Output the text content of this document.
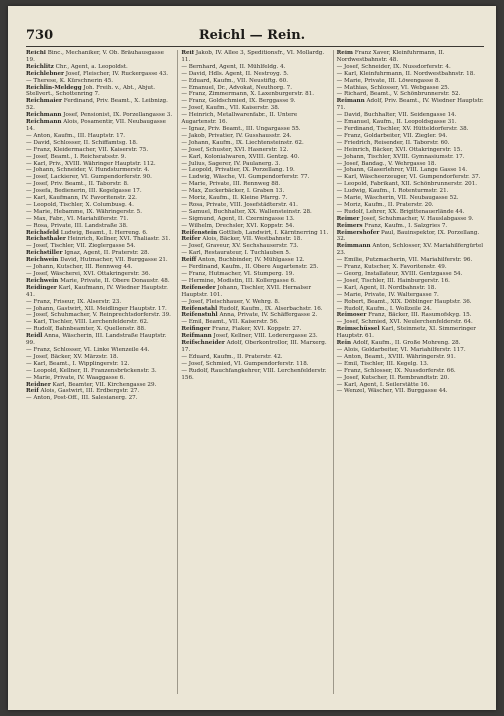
730	Reichl — Rein.

Reichl Binc., Mechaniker, V. Ob. Bräuhausgasse 19.

Reichlitz Chr., Agent, a. Leopoldst.

Reichlebner Josef, Fleischer, IV. Ruckergasse 43.

— Therese, K. Kürschnerin 45.

Reichlin-Meldegg Joh. Freih. v., Abt., Abjut. Stellvert., Schottenring 7.

Reichmaier Ferdinand, Priv. Beamt., X. Leibnizg. 52.

Reichmann Josef, Pensionist, IX. Porzellangasse 3.

Reichmann Alois, Posamentir, VII. Neubaugasse 14.

— Anton, Kaufm., III. Hauptstr. 17.

— David, Schlosser, II. Schiffamtsg. 18.

— Franz, Kleidermacher, VII. Kaiserstr. 75.

— Josef, Beamt., I. Reichsratsstr. 9.

— Karl, Priv., XVIII. Währinger Hauptstr. 112.

— Johann, Schneider, V. Hundsturmerstr. 4.

— Josef, Lackierer, VI. Gumpendorferstr. 90.

— Josef, Priv. Beamt., II. Taborstr. 8.

— Josefa, Bedienerin, III. Kegelgasse 17.

— Karl, Kaufmann, IV. Favoritenstr. 22.

— Leopold, Tischler, X. Columbusg. 4.

— Marie, Hebamme, IX. Währingerstr. 5.

— Max, Fabr., VI. Mariahilferstr. 71.

— Rosa, Private, III. Landstraße 38.

Reichsfeld Ludwig, Beamt., I. Herreng. 6.

Reichsthaler Heinrich, Kellner, XVI. Thaliastr. 31.

— Josef, Tischler, VII. Zieglergasse 54.

Reichstiller Ignaz, Agent, II. Praterstr. 28.

Reichwein David, Hutmacher, VII. Burggasse 21.

— Johann, Kutscher, III. Rennweg 44.

— Josef, Wäscherei, XVI. Ottakringerstr. 36.

Reichwein Marie, Private, II. Obere Donaustr. 48.

Reidinger Karl, Kaufmann, IV. Wiedner Hauptstr. 41.

— Franz, Friseur, IX. Alserstr. 23.

— Johann, Gastwirt, XII. Meidlinger Hauptstr. 17.

— Josef, Schuhmacher, V. Reinprechtsdorferstr. 39.

— Karl, Tischler, VIII. Lerchenfelderstr. 62.

— Rudolf, Bahnbeamter, X. Quellenstr. 88.

Reidl Anna, Wäscherin, III. Landstraße Hauptstr. 99.

— Franz, Schlosser, VI. Linke Wienzeile 44.

— Josef, Bäcker, XV. Märzstr. 18.

— Karl, Beamt., I. Wipplingerstr. 12.

— Leopold, Kellner, II. Franzensbrückenstr. 3.

— Marie, Private, IV. Waaggasse 6.

Reidner Karl, Beamter, VII. Kirchengasse 29.

Reif Alois, Gastwirt, III. Erdbergstr. 27.

— Anton, Post-Off., III. Salesianerg. 27.

Reif Jakob, IV. Allee 3, Speditionsfr., VI. Mollardg. 11.

— Bernhard, Agent, II. Mühlfeldg. 4.

— David, Hdls. Agent, II. Nestroyg. 5.

— Eduard, Kaufm., VII. Neustiftg. 60.

— Emanuel, Dr., Advokat, Neuthorg. 7.

— Franz, Zimmermann, X. Laxenburgerstr. 81.

— Franz, Goldschmied, IX. Berggasse 9.

— Josef, Kaufm., VII. Kaiserstr. 38.

— Heinrich, Metallwarenfabr., II. Untere Augartenstr. 16.

— Ignaz, Priv. Beamt., III. Ungargasse 55.

— Jakob, Privatier, IV. Gusshausstr. 24.

— Johann, Kaufm., IX. Liechtensteinstr. 62.

— Josef, Schuster, XVI. Hasnerstr. 12.

— Karl, Kolonialwaren, XVIII. Gentzg. 40.

— Julius, Sagerer, IV. Paulanerg. 3.

— Leopold, Privatier, IX. Porzellang. 19.

— Ludwig, Wäsche, VI. Gumpendorferstr. 77.

— Marie, Private, III. Rennweg 88.

— Max, Zuckerbäcker, I. Graben 13.

— Moriz, Kaufm., II. Kleine Pfarrg. 7.

— Rosa, Private, VIII. Josefstädterstr. 41.

— Samuel, Buchhalter, XX. Wallensteinstr. 28.

— Sigmund, Agent, II. Czerningasse 13.

— Wilhelm, Drechsler, XVI. Koppstr. 54.

Reifenstein Gottlieb, Landwirt, I. Kärntnerring 11.

Reifer Alois, Bäcker, VII. Westbahnstr. 18.

— Josef, Graveur, XV. Sechshauserstr. 73.

— Karl, Restaurateur, I. Tuchlauben 5.

Reiff Anton, Buchbinder, IV. Mühlgasse 12.

— Ferdinand, Kaufm., II. Obere Augartenstr. 25.

— Franz, Hutmacher, VI. Stumperg. 19.

— Hermine, Modistin, III. Kollergasse 6.

Reifeneder Johann, Tischler, XVII. Hernalser Hauptstr. 101.

— Josef, Fleischhauer, V. Wehrg. 8.

Reifenstahl Rudolf, Kaufm., IX. Alserbachstr. 16.

Reifenstuhl Anna, Private, IV. Schäffergasse 2.

— Emil, Beamt., VII. Kaiserstr. 56.

Reifinger Franz, Fiaker, XVI. Koppstr. 27.

Reifmann Josef, Kellner, VIII. Lederergasse 23.

Reifschneider Adolf, Oberkontrollor, III. Marxerg. 17.

— Eduard, Kaufm., II. Praterstr. 42.

— Josef, Schmied, VI. Gumpendorferstr. 118.

— Rudolf, Rauchfangkehrer, VIII. Lerchenfelderstr. 156.

Reim Franz Xaver, Kleinfuhrmann, II. Nordwestbahnstr. 48.

— Josef, Schneider, IX. Nussdorferstr. 4.

— Karl, Kleinfuhrmann, II. Nordwestbahnstr. 18.

— Marie, Private, III. Löwengasse 8.

— Mathias, Schlosser, VI. Webgasse 25.

— Richard, Beamt., V. Schönbrunnerstr. 52.

Reimann Adolf, Priv. Beamt., IV. Wiedner Hauptstr. 71.

— David, Buchhalter, VII. Seidengasse 14.

— Emanuel, Kaufm., II. Leopoldsgasse 31.

— Ferdinand, Tischler, XV. Hütteldorferstr. 38.

— Franz, Goldarbeiter, VII. Ziegler. 94.

— Friedrich, Reisender, II. Taborstr. 60.

— Heinrich, Bäcker, XVI. Ottakringerstr. 15.

— Johann, Tischler, XVIII. Gymnasiumstr. 17.

— Josef, Bandag., V. Wehrgasse 18.

— Johann, Glaserlehrer, VIII. Lange Gasse 14.

— Karl, Wäscheerzeuger, VI. Gumpendorferstr. 37.

— Leopold, Fabrikant, XII. Schönbrunnerstr. 201.

— Ludwig, Kaufm., I. Rotenturmstr. 21.

— Marie, Wäscherin, VII. Neubaugasse 52.

— Moriz, Kaufm., II. Praterstr. 20.

— Rudolf, Lehrer, XX. Brigittenauerlände 44.

Reimer Josef, Schuhmacher, V. Hauslabgasse 9.

Reimers Franz, Kaufm., I. Salzgries 7.

Reimershofer Paul, Bauinspektor, IX. Porzellang. 32.

Reimmann Anton, Schlosser, XV. Mariahilfergürtel 23.

— Emilie, Putzmacherin, VII. Mariahilferstr. 96.

— Franz, Kutscher, X. Favoritenstr. 49.

— Georg, Installateur, XVIII. Gentzgasse 54.

— Josef, Tischler, III. Hainburgerstr. 16.

— Karl, Agent, II. Nordbahnstr. 18.

— Marie, Private, IV. Waltergasse 7.

— Robert, Beamt., XIX. Döblinger Hauptstr. 36.

— Rudolf, Kaufm., I. Wollzeile 24.

Reimoser Franz, Bäcker, III. Rasumofskyg. 15.

— Josef, Schmied, XVI. Neulerchenfelderstr. 64.

Reimschüssel Karl, Steinmetz, XI. Simmeringer Hauptstr. 61.

Rein Adolf, Kaufm., II. Große Mohreng. 28.

— Alois, Goldarbeiter, VI. Mariahilferstr. 117.

— Anton, Beamt., XVIII. Währingerstr. 91.

— Emil, Tischler, III. Kegelg. 13.

— Franz, Schlosser, IX. Nussdorferstr. 66.

— Josef, Kutscher, II. Rembrandtstr. 20.

— Karl, Agent, I. Seilerstätte 16.

— Wenzel, Wäscher, VII. Burggasse 44.
